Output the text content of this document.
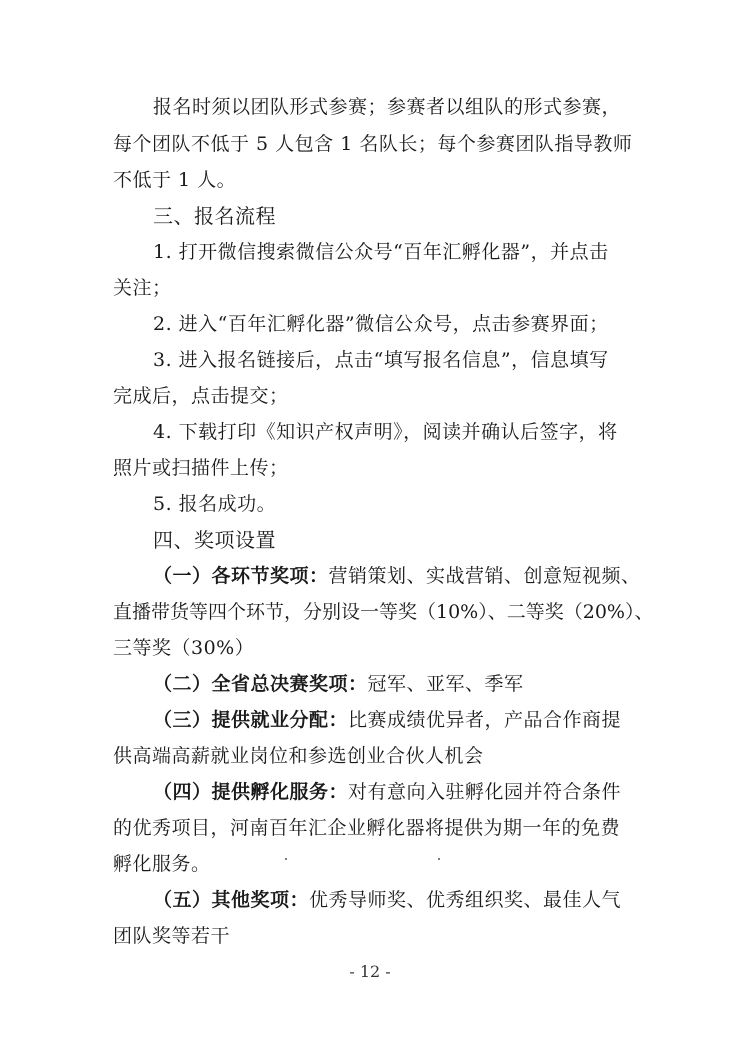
报名时须以团队形式参赛；参赛者以组队的形式参赛，
每个团队不低于 5 人包含 1 名队长；每个参赛团队指导教师
不低于 1 人。
三、报名流程
1. 打开微信搜索微信公众号“百年汇孵化器”，并点击
关注；
2. 进入“百年汇孵化器”微信公众号，点击参赛界面；
3. 进入报名链接后，点击“填写报名信息”，信息填写
完成后，点击提交；
4. 下载打印《知识产权声明》，阅读并确认后签字，将
照片或扫描件上传；
5. 报名成功。
四、奖项设置
（一）各环节奖项：营销策划、实战营销、创意短视频、
直播带货等四个环节，分别设一等奖（10%）、二等奖（20%）、
三等奖（30%）
（二）全省总决赛奖项：冠军、亚军、季军
（三）提供就业分配：比赛成绩优异者，产品合作商提
供高端高薪就业岗位和参选创业合伙人机会
（四）提供孵化服务：对有意向入驻孵化园并符合条件
的优秀项目，河南百年汇企业孵化器将提供为期一年的免费
孵化服务。
（五）其他奖项：优秀导师奖、优秀组织奖、最佳人气
团队奖等若干
- 12 -
